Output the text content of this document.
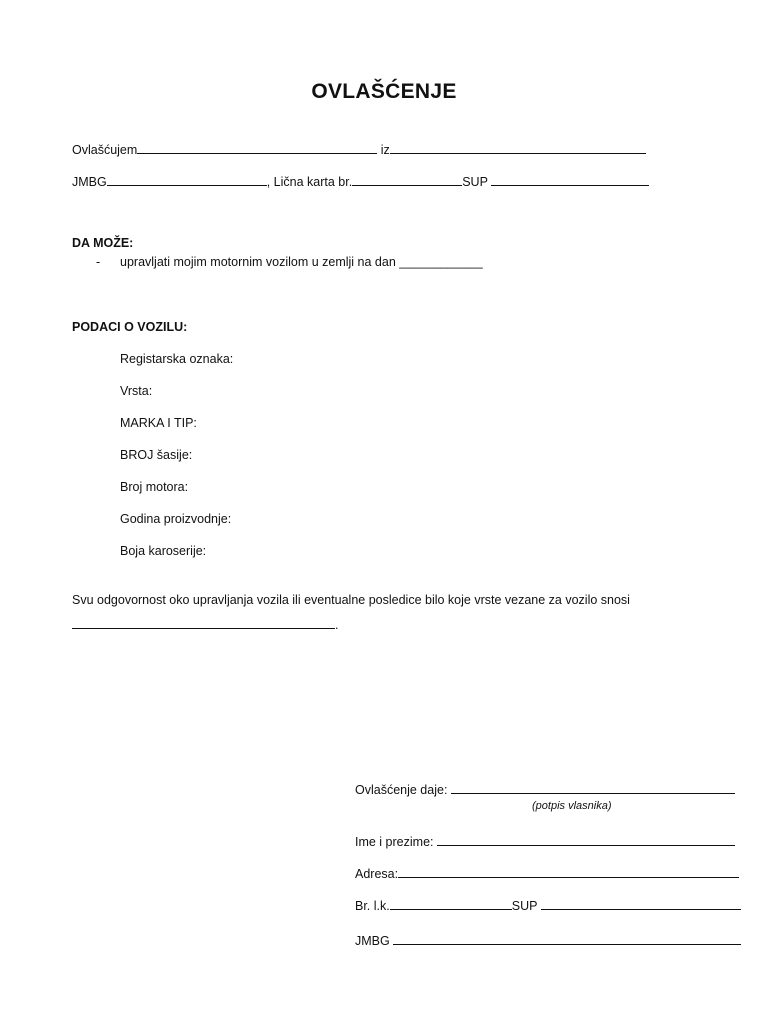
OVLAŠĆENJE
Ovlašćujem	iz
JMBG	, Lična karta br.	SUP
DA MOŽE:
- upravljati mojim motornim vozilom u zemlji na dan ____________
PODACI O VOZILU:
Registarska oznaka:
Vrsta:
MARKA I TIP:
BROJ šasije:
Broj motora:
Godina proizvodnje:
Boja karoserije:
Svu odgovornost oko upravljanja vozila ili eventualne posledice bilo koje vrste vezane za vozilo snosi
.
Ovlašćenje daje:
(potpis vlasnika)
Ime i prezime:
Adresa:
Br. l.k.	SUP
JMBG
